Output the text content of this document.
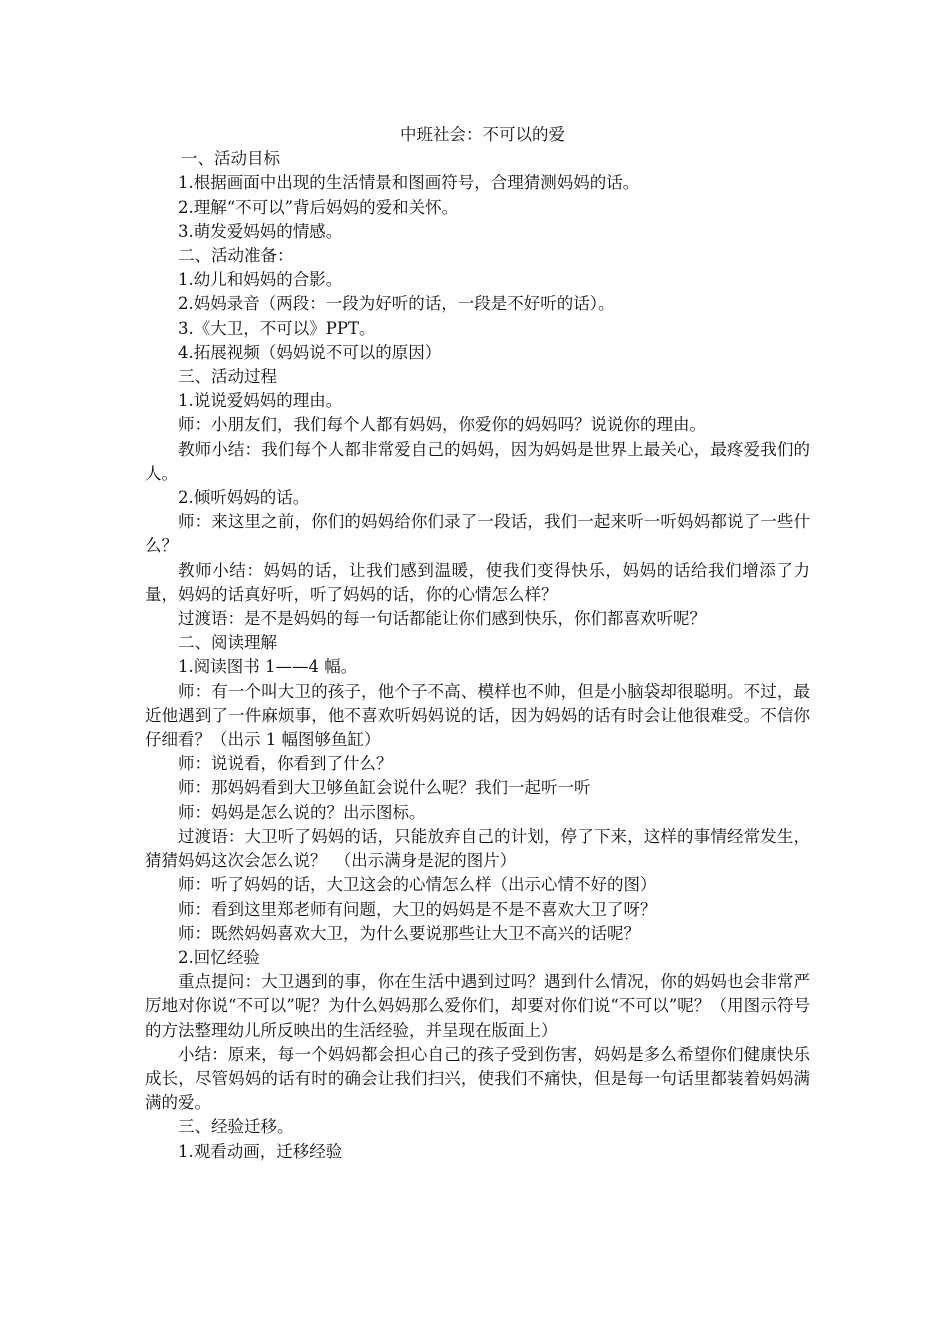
中班社会：不可以的爱
一、活动目标
1.根据画面中出现的生活情景和图画符号，合理猜测妈妈的话。
2.理解“不可以”背后妈妈的爱和关怀。
3.萌发爱妈妈的情感。
二、活动准备：
1.幼儿和妈妈的合影。
2.妈妈录音（两段：一段为好听的话，一段是不好听的话）。
3.《大卫，不可以》PPT。
4.拓展视频（妈妈说不可以的原因）
三、活动过程
1.说说爱妈妈的理由。
师：小朋友们，我们每个人都有妈妈，你爱你的妈妈吗？说说你的理由。
教师小结：我们每个人都非常爱自己的妈妈，因为妈妈是世界上最关心，最疼爱我们的人。
2.倾听妈妈的话。
师：来这里之前，你们的妈妈给你们录了一段话，我们一起来听一听妈妈都说了一些什么？
教师小结：妈妈的话，让我们感到温暖，使我们变得快乐，妈妈的话给我们增添了力量，妈妈的话真好听，听了妈妈的话，你的心情怎么样？
过渡语：是不是妈妈的每一句话都能让你们感到快乐，你们都喜欢听呢？
二、阅读理解
1.阅读图书 1——4 幅。
师：有一个叫大卫的孩子，他个子不高、模样也不帅，但是小脑袋却很聪明。不过，最近他遇到了一件麻烦事，他不喜欢听妈妈说的话，因为妈妈的话有时会让他很难受。不信你仔细看？（出示 1 幅图够鱼缸）
师：说说看，你看到了什么？
师：那妈妈看到大卫够鱼缸会说什么呢？我们一起听一听
师：妈妈是怎么说的？出示图标。
过渡语：大卫听了妈妈的话，只能放弃自己的计划，停了下来，这样的事情经常发生，猜猜妈妈这次会怎么说？　（出示满身是泥的图片）
师：听了妈妈的话，大卫这会的心情怎么样（出示心情不好的图）
师：看到这里郑老师有问题，大卫的妈妈是不是不喜欢大卫了呀？
师：既然妈妈喜欢大卫，为什么要说那些让大卫不高兴的话呢？
2.回忆经验
重点提问：大卫遇到的事，你在生活中遇到过吗？遇到什么情况，你的妈妈也会非常严厉地对你说“不可以”呢？为什么妈妈那么爱你们，却要对你们说“不可以”呢？（用图示符号的方法整理幼儿所反映出的生活经验，并呈现在版面上）
小结：原来，每一个妈妈都会担心自己的孩子受到伤害，妈妈是多么希望你们健康快乐成长，尽管妈妈的话有时的确会让我们扫兴，使我们不痛快，但是每一句话里都装着妈妈满满的爱。
三、经验迁移。
1.观看动画，迁移经验
